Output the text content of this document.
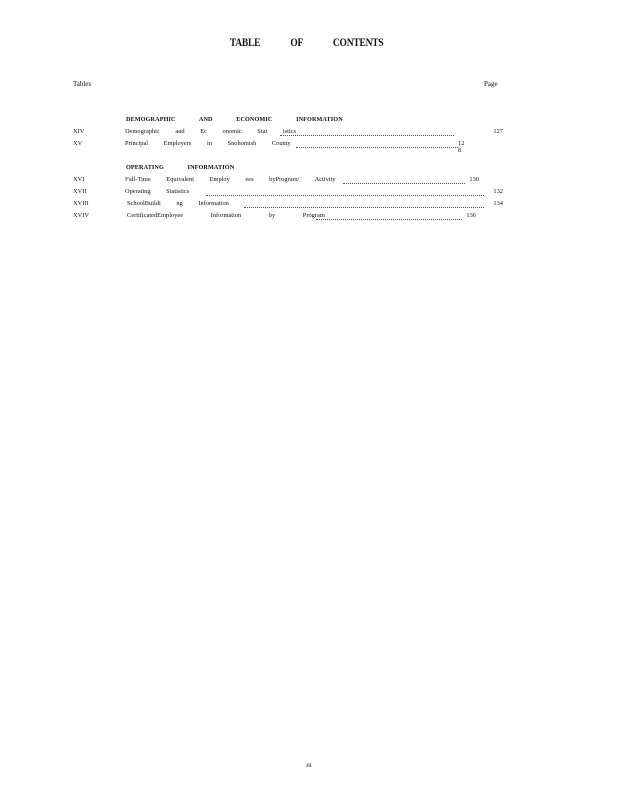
TABLE OF CONTENTS
Tables	Page
DEMOGRAPHIC AND ECONOMIC INFORMATION
XIV	Demographic and Ec onomic Stat istics	127
XV	Principal Employers in Snohomish County	12 8
OPERATING INFORMATION
XVI	Full-Time Equivalent Employ ees byProgram/ Activity	130
XVII	Operating Statistics	132
XVIII	SchoolBuildi ng Information	134
XVIV	CertificatedEmployee Information by Program	136
iii
